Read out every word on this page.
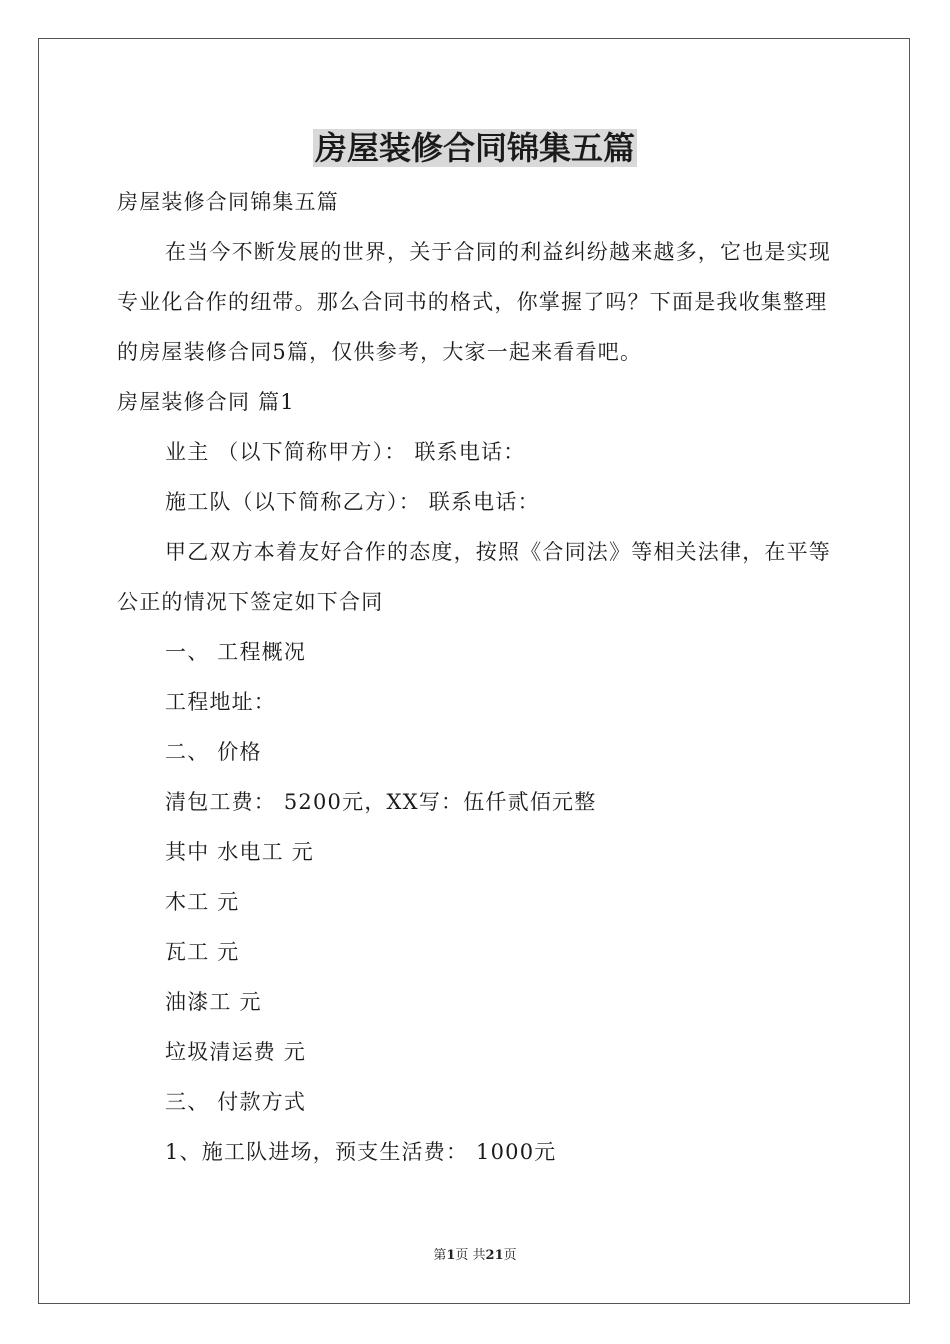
房屋装修合同锦集五篇

房屋装修合同锦集五篇

在当今不断发展的世界，关于合同的利益纠纷越来越多，它也是实现专业化合作的纽带。那么合同书的格式，你掌握了吗？下面是我收集整理的房屋装修合同5篇，仅供参考，大家一起来看看吧。

房屋装修合同 篇1

业主 （以下简称甲方）： 联系电话：

施工队（以下简称乙方）： 联系电话：

甲乙双方本着友好合作的态度，按照《合同法》等相关法律，在平等公正的情况下签定如下合同

一、 工程概况

工程地址：

二、 价格

清包工费： 5200元，XX写：伍仟贰佰元整

其中 水电工 元

木工 元

瓦工 元

油漆工 元

垃圾清运费 元

三、 付款方式

1、施工队进场，预支生活费： 1000元

第1页 共21页
